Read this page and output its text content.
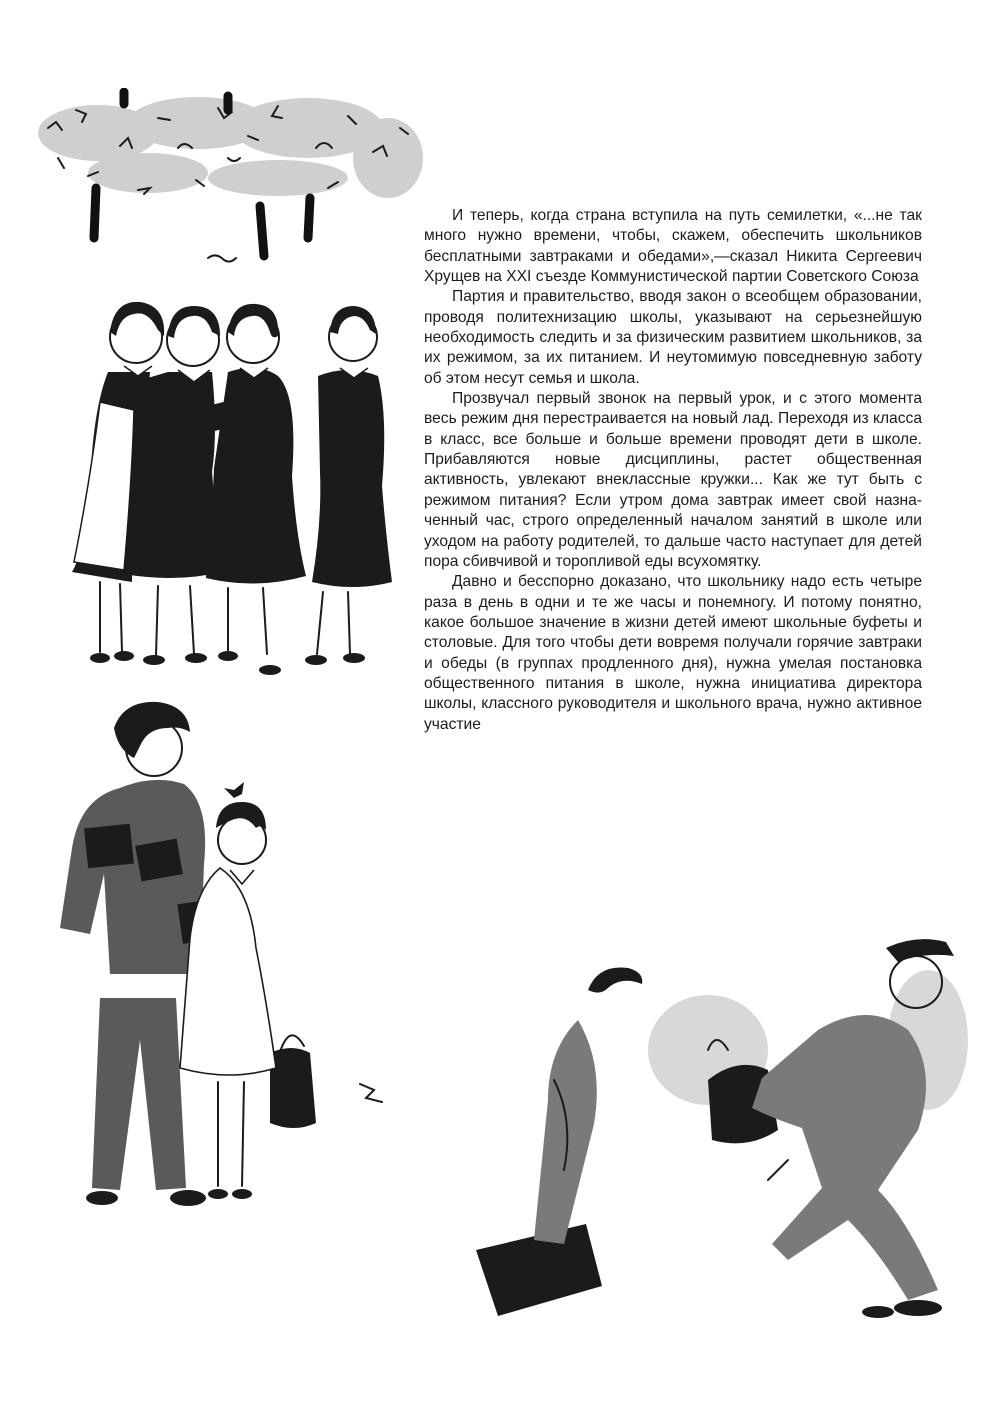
И теперь, когда страна вступила на путь семилетки, «...не так много нужно времени, чтобы, скажем, обеспечить школьников бесплатными завтраками и обедами»,—сказал Никита Сергеевич Хрущев на XXI съезде Коммунистической партии Советского Союза

Партия и правительство, вводя закон о всеобщем образовании, проводя политехнизацию школы, указывают на серьезнейшую необходимость следить и за физическим развитием школьников, за их режимом, за их питанием. И неутомимую повседневную заботу об этом несут семья и школа.

Прозвучал первый звонок на первый урок, и с этого момента весь режим дня перестраивается на новый лад. Переходя из класса в класс, все больше и больше времени проводят дети в школе. Прибавляются новые дисциплины, растет общественная активность, увлекают внеклассные кружки... Как же тут быть с режимом питания? Если утром дома завтрак имеет свой назначенный час, строго определенный началом занятий в школе или уходом на работу родителей, то дальше часто наступает для детей пора сбивчивой и торопливой еды всухомятку.

Давно и бесспорно доказано, что школьнику надо есть четыре раза в день в одни и те же часы и понемногу. И потому понятно, какое большое значение в жизни детей имеют школьные буфеты и столовые. Для того чтобы дети вовремя получали горячие завтраки и обеды (в группах продленного дня), нужна умелая постановка общественного питания в школе, нужна инициатива директора школы, классного руководителя и школьного врача, нужно активное участие
